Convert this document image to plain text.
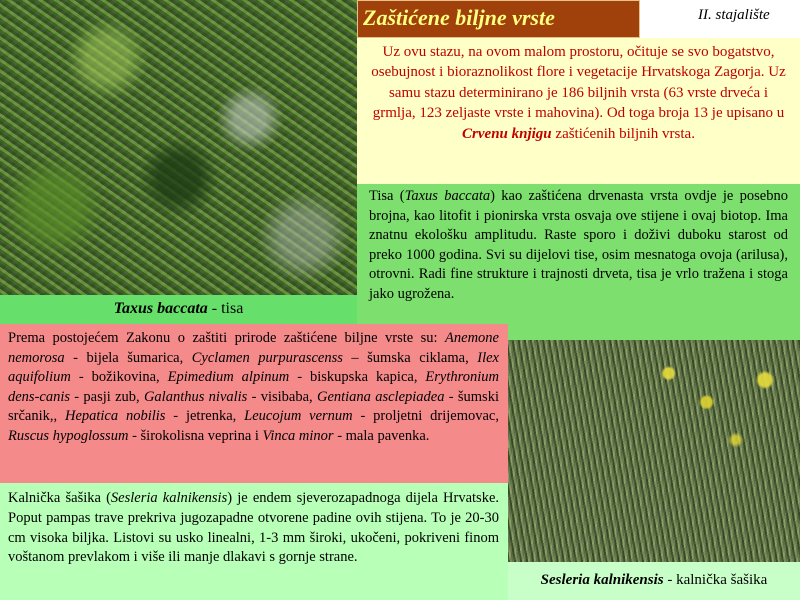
Zaštićene biljne vrste	II. stajalište
Uz ovu stazu, na ovom malom prostoru, očituje se svo bogatstvo, osebujnost i bioraznolikost flore i vegetacije Hrvatskoga Zagorja. Uz samu stazu determinirano je 186 biljnih vrsta (63 vrste drveća i grmlja, 123 zeljaste vrste i mahovina). Od toga broja 13 je upisano u Crvenu knjigu zaštićenih biljnih vrsta.
Tisa (Taxus baccata) kao zaštićena drvenasta vrsta ovdje je posebno brojna, kao litofit i pionirska vrsta osvaja ove stijene i ovaj biotop. Ima znatnu ekološku amplitudu. Raste sporo i doživi duboku starost od preko 1000 godina. Svi su dijelovi tise, osim mesnatoga ovoja (arilusa), otrovni. Radi fine strukture i trajnosti drveta, tisa je vrlo tražena i stoga jako ugrožena.
Taxus baccata - tisa
Prema postojećem Zakonu o zaštiti prirode zaštićene biljne vrste su: Anemone nemorosa - bijela šumarica, Cyclamen purpurascenss – šumska ciklama, Ilex aquifolium - božikovina, Epimedium alpinum - biskupska kapica, Erythronium dens-canis - pasji zub, Galanthus nivalis - visibaba, Gentiana asclepiadea - šumski srčanik,, Hepatica nobilis - jetrenka, Leucojum vernum - proljetni drijemovac, Ruscus hypoglossum - širokolisna veprina i Vinca minor - mala pavenka.
Kalnička šašika (Sesleria kalnikensis) je endem sjeverozapadnoga dijela Hrvatske. Poput pampas trave prekriva jugozapadne otvorene padine ovih stijena. To je 20-30 cm visoka biljka. Listovi su usko linealni, 1-3 mm široki, ukočeni, pokriveni finom voštanom prevlakom i više ili manje dlakavi s gornje strane.
Sesleria kalnikensis - kalnička šašika
